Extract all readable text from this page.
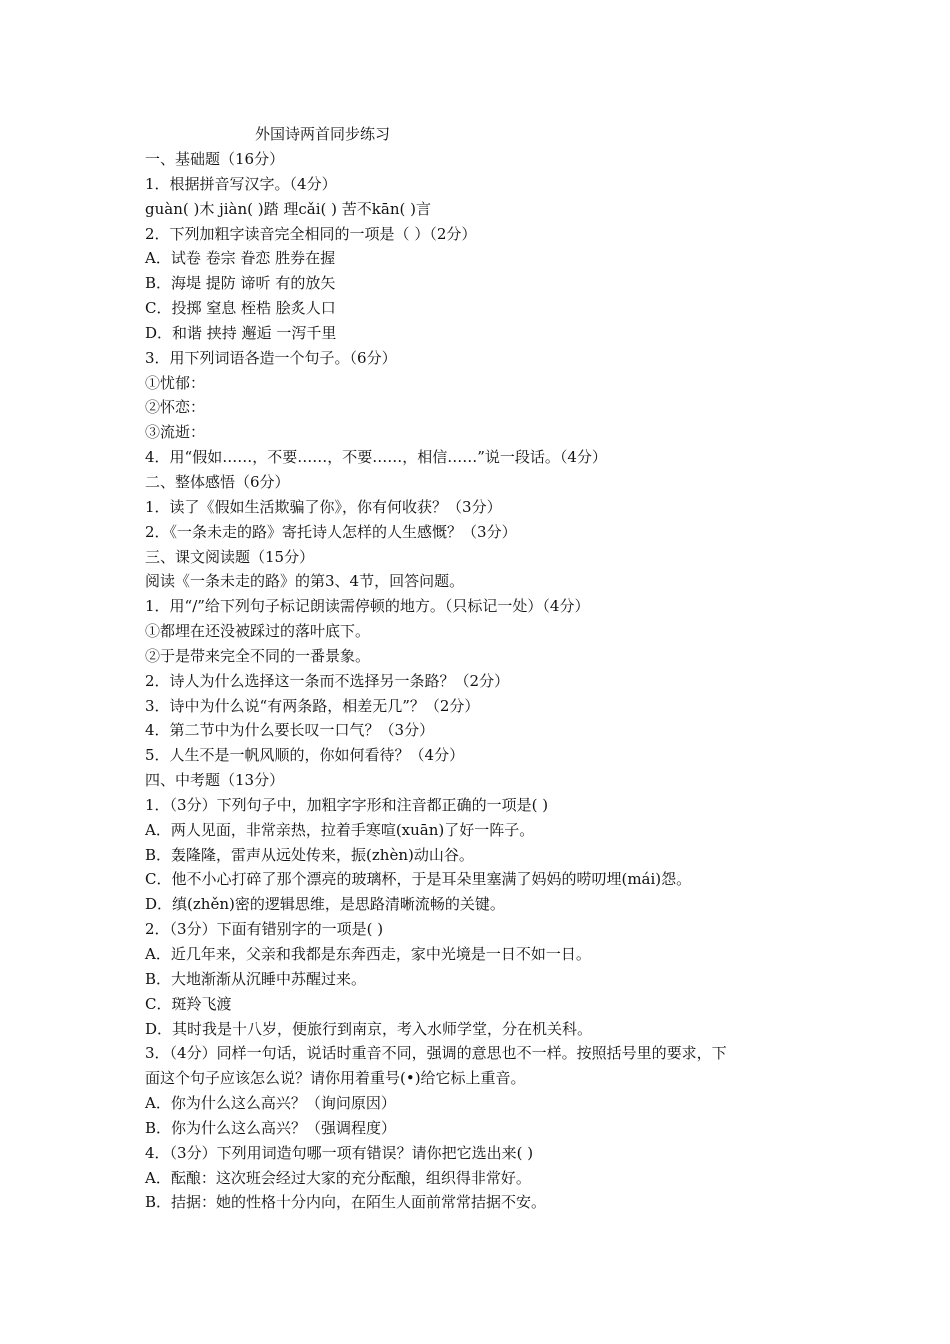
外国诗两首同步练习
一、基础题（16分）
1．根据拼音写汉字。（4分）
guàn( )木 jiàn( )踏 理cǎi( ) 苦不kān( )言
2．下列加粗字读音完全相同的一项是（ ）（2分）
A．试卷 卷宗 眷恋 胜券在握
B．海堤 提防 谛听 有的放矢
C．投掷 窒息 桎梏 脍炙人口
D．和谐 挟持 邂逅 一泻千里
3．用下列词语各造一个句子。（6分）
①忧郁：
②怀恋：
③流逝：
4．用“假如……，不要……，不要……，相信……”说一段话。（4分）
二、整体感悟（6分）
1．读了《假如生活欺骗了你》，你有何收获？（3分）
2．《一条未走的路》寄托诗人怎样的人生感慨？（3分）
三、课文阅读题（15分）
阅读《一条未走的路》的第3、4节，回答问题。
1．用“/”给下列句子标记朗读需停顿的地方。（只标记一处）（4分）
①都埋在还没被踩过的落叶底下。
②于是带来完全不同的一番景象。
2．诗人为什么选择这一条而不选择另一条路？（2分）
3．诗中为什么说“有两条路，相差无几”？（2分）
4．第二节中为什么要长叹一口气？（3分）
5．人生不是一帆风顺的，你如何看待？（4分）
四、中考题（13分）
1．（3分）下列句子中，加粗字字形和注音都正确的一项是( )
A．两人见面，非常亲热，拉着手寒喧(xuān)了好一阵子。
B．轰隆隆，雷声从远处传来，振(zhèn)动山谷。
C．他不小心打碎了那个漂亮的玻璃杯，于是耳朵里塞满了妈妈的唠叨埋(mái)怨。
D．缜(zhěn)密的逻辑思维，是思路清晰流畅的关键。
2．（3分）下面有错别字的一项是( )
A．近几年来，父亲和我都是东奔西走，家中光境是一日不如一日。
B．大地渐渐从沉睡中苏醒过来。
C．斑羚飞渡
D．其时我是十八岁，便旅行到南京，考入水师学堂，分在机关科。
3．（4分）同样一句话，说话时重音不同，强调的意思也不一样。按照括号里的要求，下
面这个句子应该怎么说？请你用着重号(•)给它标上重音。
A．你为什么这么高兴？（询问原因）
B．你为什么这么高兴？（强调程度）
4．（3分）下列用词造句哪一项有错误？请你把它选出来( )
A．酝酿：这次班会经过大家的充分酝酿，组织得非常好。
B．拮据：她的性格十分内向，在陌生人面前常常拮据不安。
